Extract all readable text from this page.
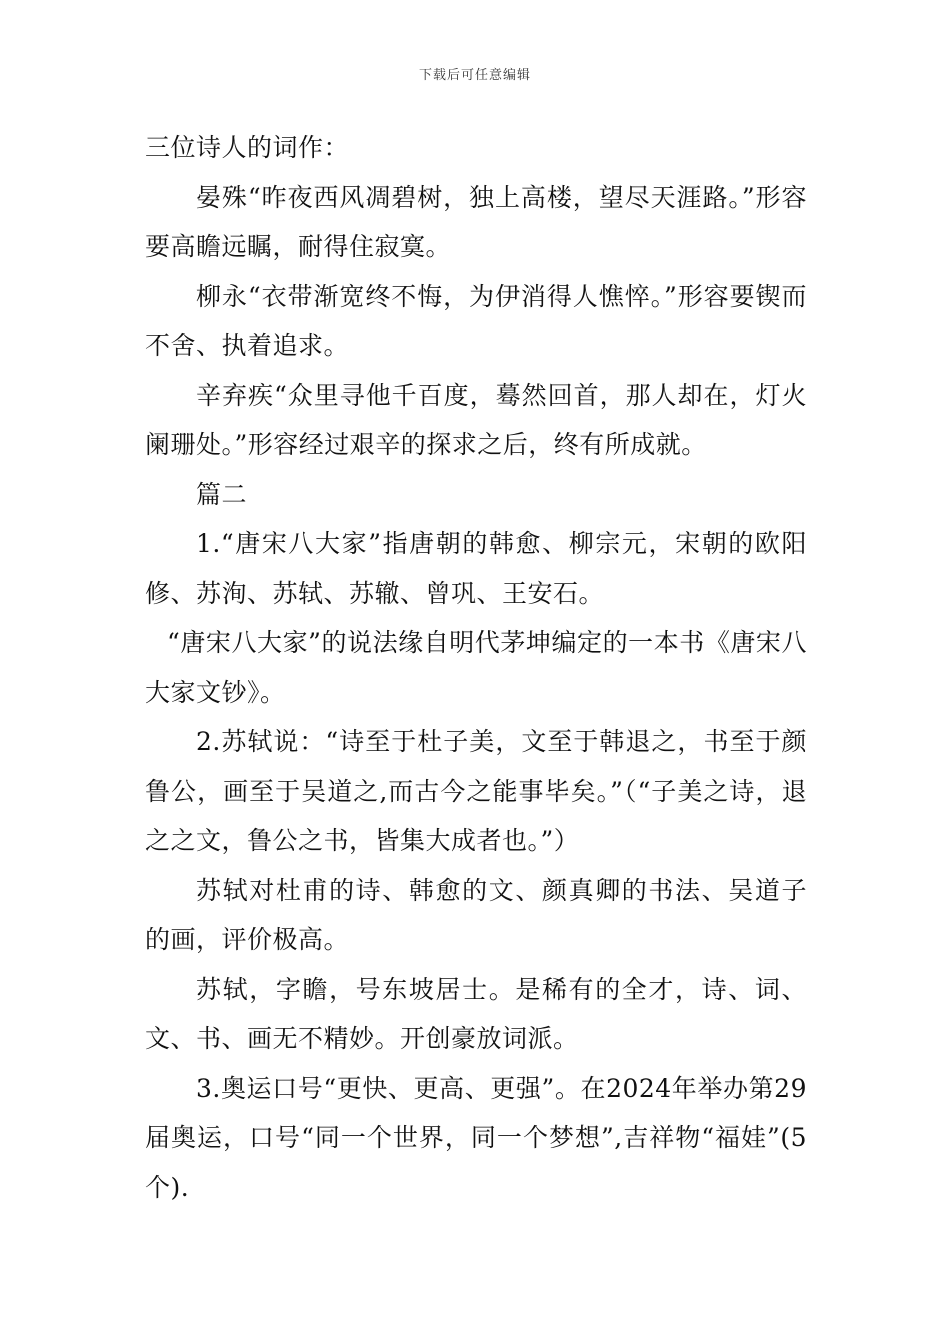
下载后可任意编辑

三位诗人的词作：

晏殊“昨夜西风凋碧树，独上高楼，望尽天涯路。”形容要高瞻远瞩，耐得住寂寞。

柳永“衣带渐宽终不悔，为伊消得人憔悴。”形容要锲而不舍、执着追求。

辛弃疾“众里寻他千百度，蓦然回首，那人却在，灯火阑珊处。”形容经过艰辛的探求之后，终有所成就。

篇二

1.“唐宋八大家”指唐朝的韩愈、柳宗元，宋朝的欧阳修、苏洵、苏轼、苏辙、曾巩、王安石。

“唐宋八大家”的说法缘自明代茅坤编定的一本书《唐宋八大家文钞》。

2.苏轼说：“诗至于杜子美，文至于韩退之，书至于颜鲁公，画至于吴道之,而古今之能事毕矣。”（“子美之诗，退之之文，鲁公之书，皆集大成者也。”）

苏轼对杜甫的诗、韩愈的文、颜真卿的书法、吴道子的画，评价极高。

苏轼，字瞻，号东坡居士。是稀有的全才，诗、词、文、书、画无不精妙。开创豪放词派。

3.奥运口号“更快、更高、更强”。在2024年举办第29届奥运，口号“同一个世界，同一个梦想”,吉祥物“福娃”(5个).
